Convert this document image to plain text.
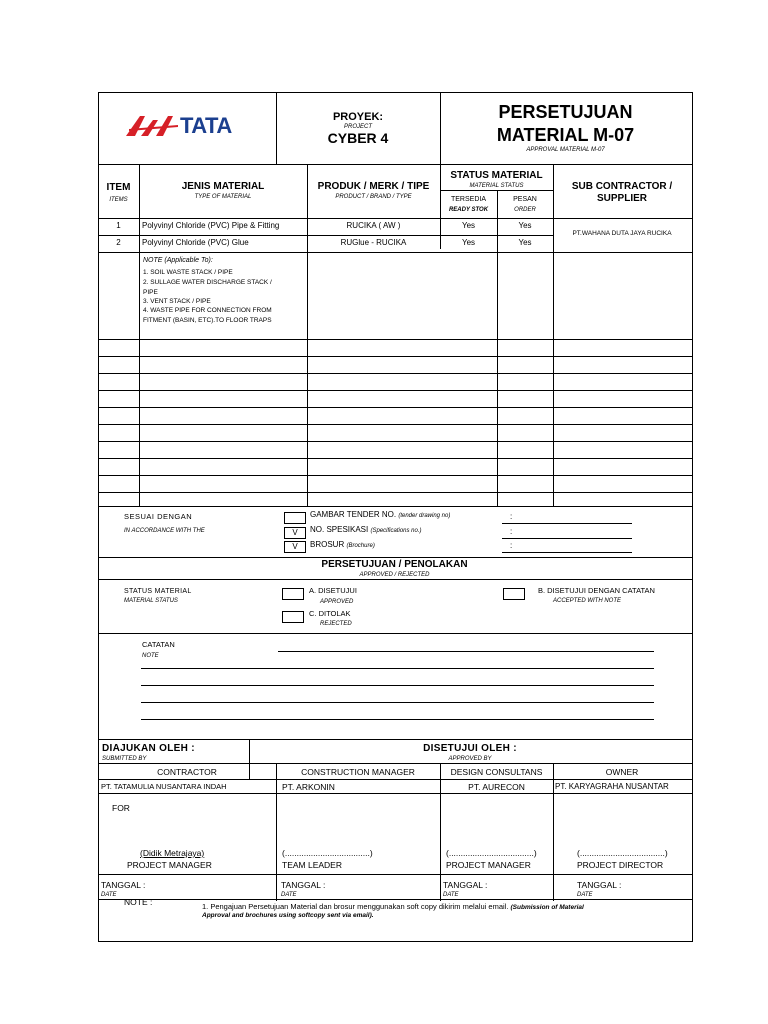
TATA	PROYEK:
PROJECT
CYBER 4
PERSETUJUAN
MATERIAL M-07
APPROVAL MATERIAL M-07
ITEM
ITEMS
JENIS MATERIAL
TYPE OF MATERIAL
PRODUK / MERK / TIPE
PRODUCT / BRAND / TYPE
STATUS MATERIAL
MATERIAL STATUS
TERSEDIA
READY STOK
PESAN
ORDER
SUB CONTRACTOR /
SUPPLIER
1	Polyvinyl Chloride (PVC) Pipe & Fitting	RUCIKA ( AW )	Yes	Yes
2	Polyvinyl Chloride (PVC) Glue	RUGlue - RUCIKA	Yes	Yes
PT.WAHANA DUTA JAYA RUCIKA
NOTE (Applicable To):
1. SOIL WASTE STACK / PIPE
2. SULLAGE WATER DISCHARGE STACK /
PIPE
3. VENT STACK / PIPE
4. WASTE PIPE FOR CONNECTION FROM
FITMENT (BASIN, ETC).TO FLOOR TRAPS
SESUAI DENGAN
IN ACCORDANCE WITH THE
GAMBAR TENDER NO. (tender drawing no)	:
V	NO. SPESIKASI (Specifications no.)	:
V	BROSUR (Brochure)	:
PERSETUJUAN / PENOLAKAN
APPROVED / REJECTED
STATUS MATERIAL
MATERIAL STATUS
A. DISETUJUI
APPROVED
C. DITOLAK
REJECTED
B. DISETUJUI DENGAN CATATAN
ACCEPTED WITH NOTE
CATATAN
NOTE
DIAJUKAN OLEH :
SUBMITTED BY
DISETUJUI OLEH :
APPROVED BY
CONTRACTOR	CONSTRUCTION MANAGER	DESIGN CONSULTANS	OWNER
PT. TATAMULIA NUSANTARA INDAH	PT. ARKONIN	PT. AURECON	PT. KARYAGRAHA NUSANTAR
FOR
(Didik Metrajaya)	(....................................)	(....................................)	(....................................)
PROJECT MANAGER	TEAM LEADER	PROJECT MANAGER	PROJECT DIRECTOR
TANGGAL :
DATE
TANGGAL :
DATE
TANGGAL :
DATE
TANGGAL :
DATE
NOTE :	1. Pengajuan Persetujuan Material dan brosur menggunakan soft copy dikirim melalui email. (Submission of Material
Approval and brochures using softcopy sent via email).
